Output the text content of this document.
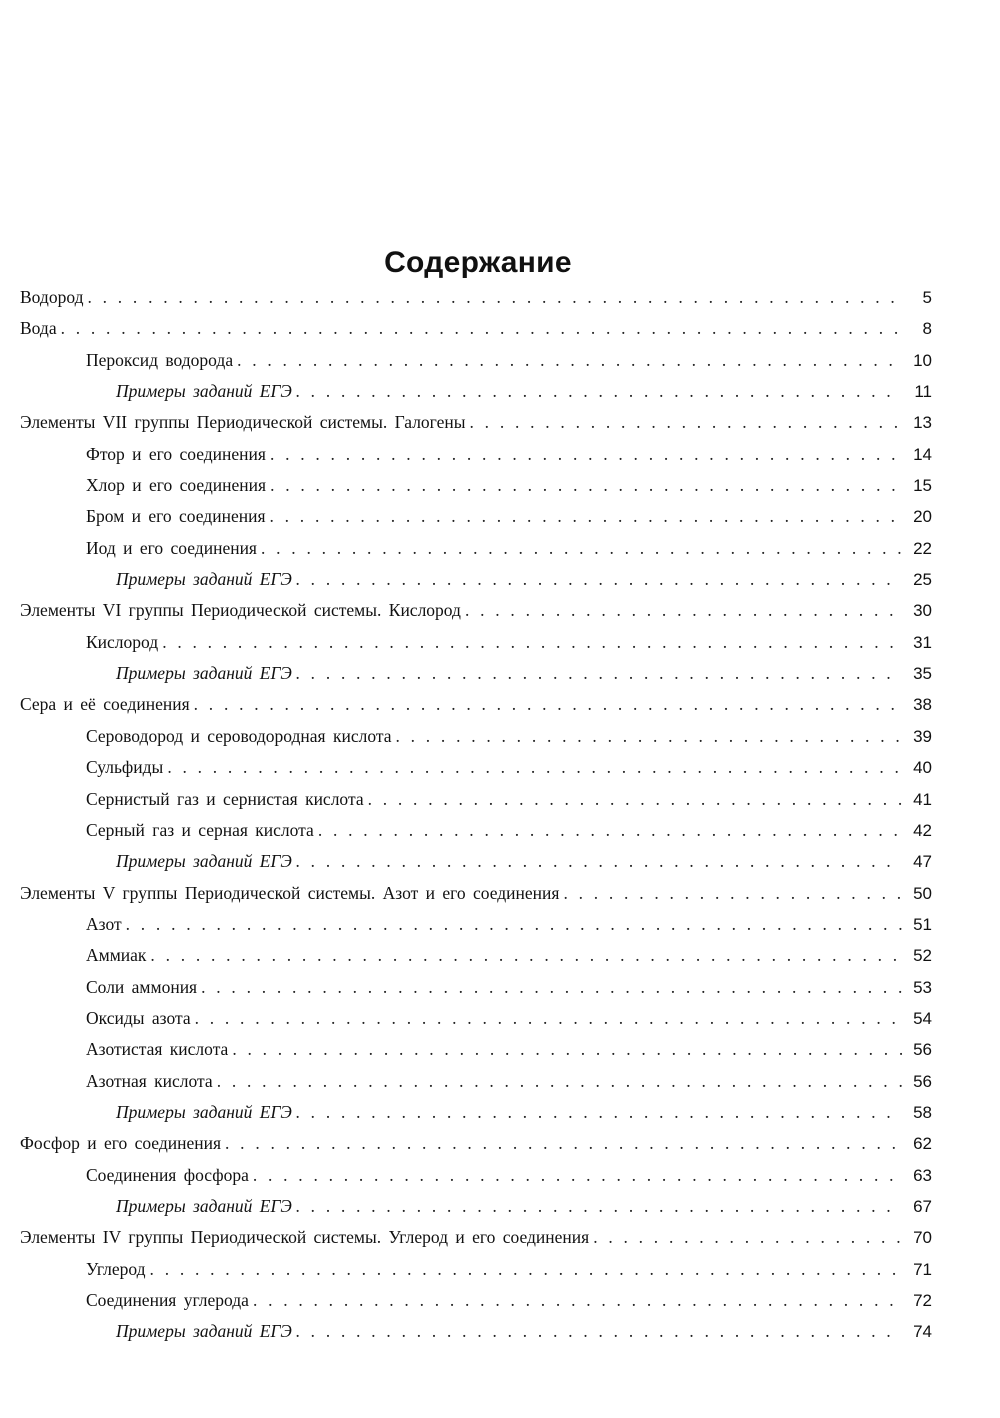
Содержание
Водород . . .	5
Вода . . .	8
Пероксид водорода . . .	10
Примеры заданий ЕГЭ . . .	11
Элементы VII группы Периодической системы. Галогены . . .	13
Фтор и его соединения . . .	14
Хлор и его соединения . . .	15
Бром и его соединения . . .	20
Иод и его соединения . . .	22
Примеры заданий ЕГЭ . . .	25
Элементы VI группы Периодической системы. Кислород . . .	30
Кислород . . .	31
Примеры заданий ЕГЭ . . .	35
Сера и её соединения . . .	38
Сероводород и сероводородная кислота . . .	39
Сульфиды . . .	40
Сернистый газ и сернистая кислота . . .	41
Серный газ и серная кислота . . .	42
Примеры заданий ЕГЭ . . .	47
Элементы V группы Периодической системы. Азот и его соединения . . .	50
Азот . . .	51
Аммиак . . .	52
Соли аммония . . .	53
Оксиды азота . . .	54
Азотистая кислота . . .	56
Азотная кислота . . .	56
Примеры заданий ЕГЭ . . .	58
Фосфор и его соединения . . .	62
Соединения фосфора . . .	63
Примеры заданий ЕГЭ . . .	67
Элементы IV группы Периодической системы. Углерод и его соединения . . .	70
Углерод . . .	71
Соединения углерода . . .	72
Примеры заданий ЕГЭ . . .	74
